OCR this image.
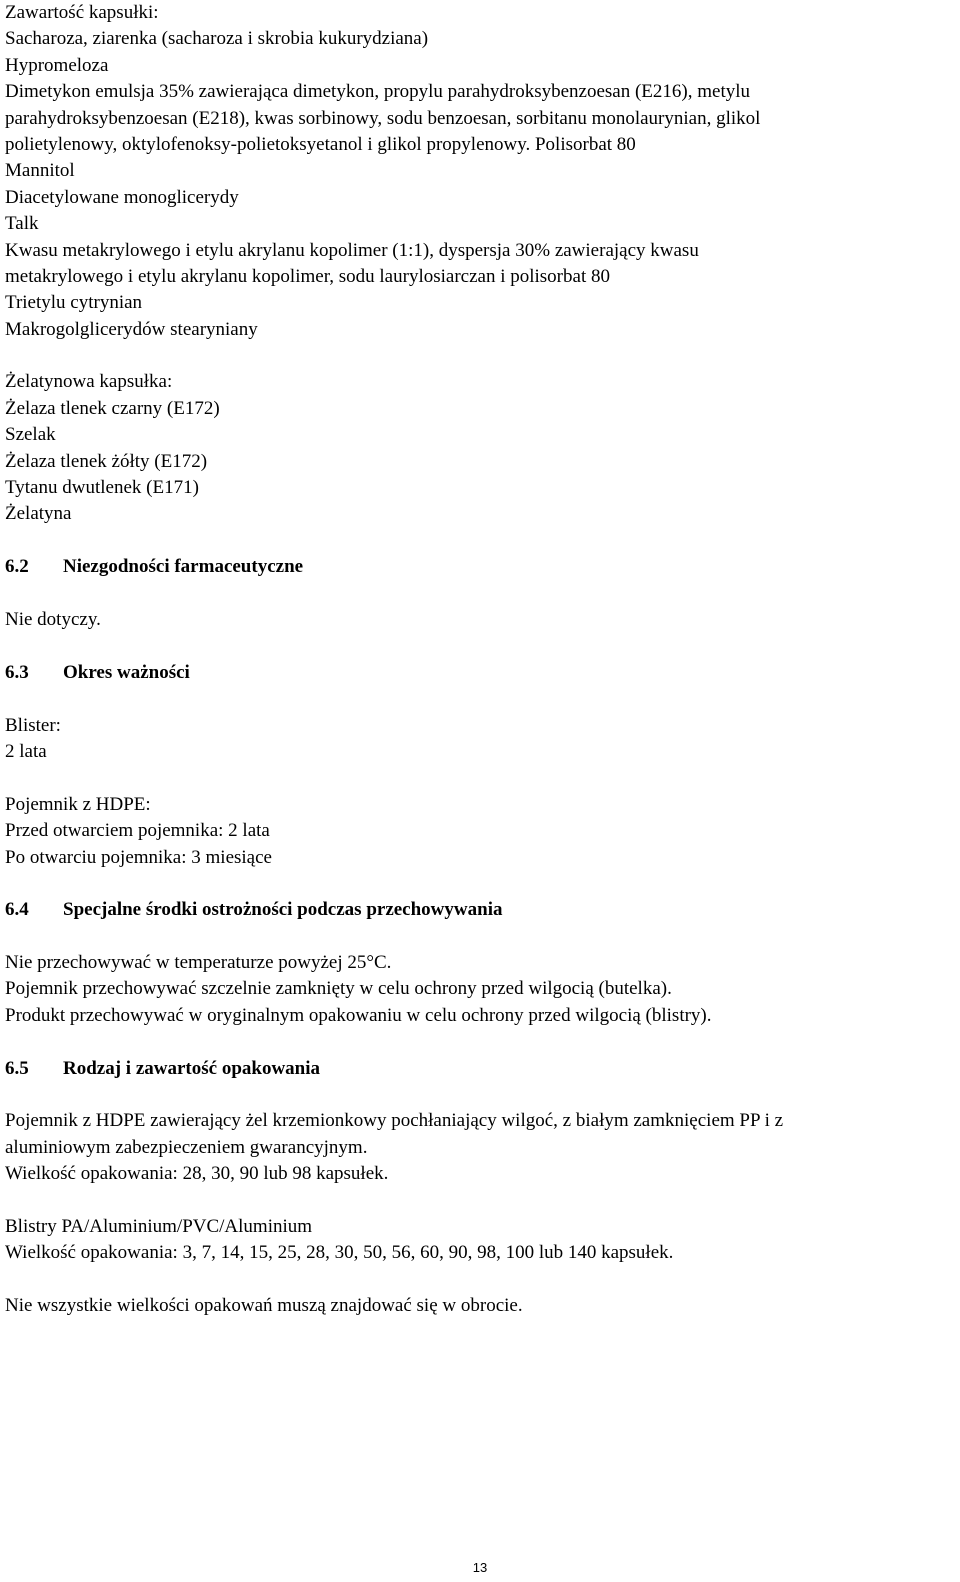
Zawartość kapsułki:
Sacharoza, ziarenka (sacharoza i skrobia kukurydziana)
Hypromeloza
Dimetykon emulsja 35% zawierająca dimetykon, propylu parahydroksybenzoesan (E216), metylu
parahydroksybenzoesan (E218), kwas sorbinowy, sodu benzoesan, sorbitanu monolaurynian, glikol
polietylenowy, oktylofenoksy-polietoksyetanol i glikol propylenowy. Polisorbat 80
Mannitol
Diacetylowane monoglicerydy
Talk
Kwasu metakrylowego i etylu akrylanu kopolimer (1:1), dyspersja 30% zawierający kwasu
metakrylowego i etylu akrylanu kopolimer, sodu laurylosiarczan i polisorbat 80
Trietylu cytrynian
Makrogolglicerydów stearyniany
Żelatynowa kapsułka:
Żelaza tlenek czarny (E172)
Szelak
Żelaza tlenek żółty (E172)
Tytanu dwutlenek (E171)
Żelatyna
6.2 Niezgodności farmaceutyczne
Nie dotyczy.
6.3 Okres ważności
Blister:
2 lata
Pojemnik z HDPE:
Przed otwarciem pojemnika: 2 lata
Po otwarciu pojemnika: 3 miesiące
6.4 Specjalne środki ostrożności podczas przechowywania
Nie przechowywać w temperaturze powyżej 25°C.
Pojemnik przechowywać szczelnie zamknięty w celu ochrony przed wilgocią (butelka).
Produkt przechowywać w oryginalnym opakowaniu w celu ochrony przed wilgocią (blistry).
6.5 Rodzaj i zawartość opakowania
Pojemnik z HDPE zawierający żel krzemionkowy pochłaniający wilgoć, z białym zamknięciem PP i z
aluminiowym zabezpieczeniem gwarancyjnym.
Wielkość opakowania: 28, 30, 90 lub 98 kapsułek.
Blistry PA/Aluminium/PVC/Aluminium
Wielkość opakowania: 3, 7, 14, 15, 25, 28, 30, 50, 56, 60, 90, 98, 100 lub 140 kapsułek.
Nie wszystkie wielkości opakowań muszą znajdować się w obrocie.
13
